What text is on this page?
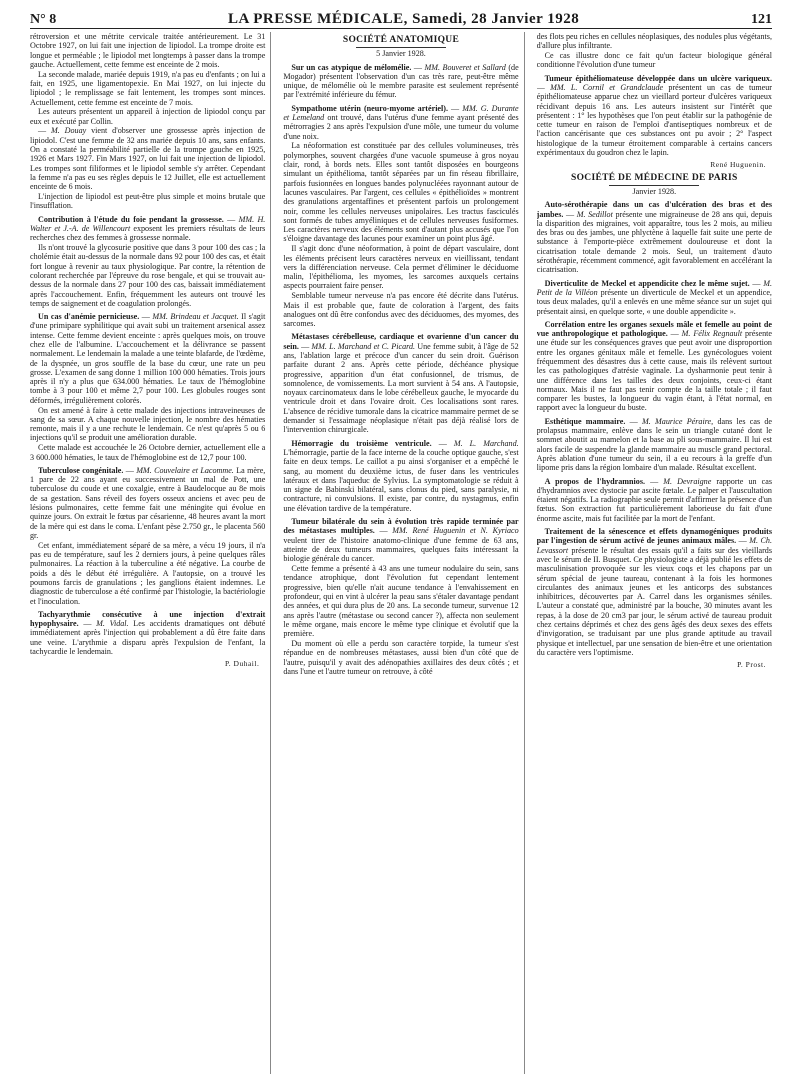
N° 8	LA PRESSE MÉDICALE, Samedi, 28 Janvier 1928	121

rétroversion et une métrite cervicale traitée antérieurement. Le 31 Octobre 1927, on lui fait une injection de lipiodol. La trompe droite est longue et perméable ; le lipiodol met longtemps à passer dans la trompe gauche. Actuellement, cette femme est enceinte de 2 mois.

La seconde malade, mariée depuis 1919, n'a pas eu d'enfants ; on lui a fait, en 1925, une ligamentopexie. En Mai 1927, on lui injecte du lipiodol ; le remplissage se fait lentement, les trompes sont minces. Actuellement, cette femme est enceinte de 7 mois.

Les auteurs présentent un appareil à injection de lipiodol conçu par eux et exécuté par Collin.

— M. Douay vient d'observer une grossesse après injection de lipiodol. C'est une femme de 32 ans mariée depuis 10 ans, sans enfants. On a constaté la perméabilité partielle de la trompe gauche en 1925, 1926 et Mars 1927. Fin Mars 1927, on lui fait une injection de lipiodol. Les trompes sont filiformes et le lipiodol semble s'y arrêter. Cependant la femme n'a pas eu ses règles depuis le 12 Juillet, elle est actuellement enceinte de 6 mois.

L'injection de lipiodol est peut-être plus simple et moins brutale que l'insufflation.

Contribution à l'étude du foie pendant la grossesse. — MM. H. Walter et J.-A. de Willencourt exposent les premiers résultats de leurs recherches chez des femmes à grossesse normale.

Ils n'ont trouvé la glycosurie positive que dans 3 pour 100 des cas ; la cholémie était au-dessus de la normale dans 92 pour 100 des cas, et était fort longue à revenir au taux physiologique. Par contre, la rétention de colorant recherchée par l'épreuve du rose bengale, et qui se trouvait au-dessus de la normale dans 27 pour 100 des cas, baissait immédiatement après l'accouchement. Enfin, fréquemment les auteurs ont trouvé les temps de saignement et de coagulation prolongés.

Un cas d'anémie pernicieuse. — MM. Brindeau et Jacquet. Il s'agit d'une primipare syphilitique qui avait subi un traitement arsenical assez intense. Cette femme devient enceinte : après quelques mois, on trouve chez elle de l'albumine. L'accouchement et la délivrance se passent normalement. Le lendemain la malade a une teinte blafarde, de l'œdème, de la dyspnée, un gros souffle de la base du cœur, une rate un peu grosse. L'examen de sang donne 1 million 100 000 hématies. Trois jours après il n'y a plus que 634.000 hématies. Le taux de l'hémoglobine tombe à 3 pour 100 et même 2,7 pour 100. Les globules rouges sont déformés, irrégulièrement colorés.

On est amené à faire à cette malade des injections intraveineuses de sang de sa sœur. A chaque nouvelle injection, le nombre des hématies remonte, mais il y a une rechute le lendemain. Ce n'est qu'après 5 ou 6 injections qu'il se produit une amélioration durable.

Cette malade est accouchée le 26 Octobre dernier, actuellement elle a 3 600.000 hématies, le taux de l'hémoglobine est de 12,7 pour 100.

Tuberculose congénitale. — MM. Couvelaire et Lacomme. La mère, 1 pare de 22 ans ayant eu successivement un mal de Pott, une tuberculose du coude et une coxalgie, entre à Baudelocque au 8e mois de sa gestation. Sans réveil des foyers osseux anciens et avec peu de lésions pulmonaires, cette femme fait une méningite qui évolue en quinze jours. On extrait le fœtus par césarienne, 48 heures avant la mort de la mère qui est dans le coma. L'enfant pèse 2.750 gr., le placenta 560 gr.

Cet enfant, immédiatement séparé de sa mère, a vécu 19 jours, il n'a pas eu de température, sauf les 2 derniers jours, à peine quelques râles pulmonaires. La réaction à la tuberculine a été négative. La courbe de poids a dès le début été irrégulière. A l'autopsie, on a trouvé les poumons farcis de granulations ; les ganglions étaient indemnes. Le diagnostic de tuberculose a été confirmé par l'histologie, la bactériologie et l'inoculation.

Tachyarythmie consécutive à une injection d'extrait hypophysaire. — M. Vidal. Les accidents dramatiques ont débuté immédiatement après l'injection qui probablement a dû être faite dans une veine. L'arythmie a disparu après l'expulsion de l'enfant, la tachycardie le lendemain.

P. Duhail.
SOCIÉTÉ ANATOMIQUE
5 Janvier 1928.

Sur un cas atypique de mélomélie. — MM. Bouveret et Sallard (de Mogador) présentent l'observation d'un cas très rare, peut-être même unique, de mélomélie où le membre parasite est seulement représenté par l'extrémité inférieure du fémur.

Sympathome utérin (neuro-myome artériel). — MM. G. Durante et Lemeland ont trouvé, dans l'utérus d'une femme ayant présenté des métrorragies 2 ans après l'expulsion d'une môle, une tumeur du volume d'une noix.

La néoformation est constituée par des cellules volumineuses, très polymorphes, souvent chargées d'une vacuole spumeuse à gros noyau clair, rond, à bords nets. Elles sont tantôt disposées en bourgeons simulant un épithélioma, tantôt séparées par un fin réseau fibrillaire, parfois fusionnées en longues bandes polynucléées rayonnant autour de lacunes vasculaires. Par l'argent, ces cellules « épithélioïdes » montrent des granulations argentaffines et présentent parfois un prolongement noir, comme les cellules nerveuses unipolaires. Les tractus fasciculés sont formés de tubes amyéliniques et de cellules nerveuses fusiformes. Les caractères nerveux des éléments sont d'autant plus accusés que l'on s'éloigne davantage des lacunes pour examiner un point plus âgé.

Il s'agit donc d'une néoformation, à point de départ vasculaire, dont les éléments précisent leurs caractères nerveux en vieillissant, tendant vers la différenciation nerveuse. Cela permet d'éliminer le déciduome malin, l'épithélioma, les myomes, les sarcomes auxquels certains aspects pourraient faire penser.

Semblable tumeur nerveuse n'a pas encore été décrite dans l'utérus. Mais il est probable que, faute de coloration à l'argent, des faits analogues ont dû être confondus avec des déciduomes, des myomes, des sarcomes.

Métastases cérébelleuse, cardiaque et ovarienne d'un cancer du sein. — MM. L. Marchand et C. Picard. Une femme subit, à l'âge de 52 ans, l'ablation large et précoce d'un cancer du sein droit. Guérison parfaite durant 2 ans. Après cette période, déchéance physique progressive, apparition d'un état confusionnel, de trismus, de somnolence, de vomissements. La mort survient à 54 ans. A l'autopsie, noyaux carcinomateux dans le lobe cérébelleux gauche, le myocarde du ventricule droit et dans l'ovaire droit. Ces localisations sont rares. L'absence de récidive tumorale dans la cicatrice mammaire permet de se demander si l'essaimage néoplasique n'était pas déjà réalisé lors de l'intervention chirurgicale.

Hémorragie du troisième ventricule. — M. L. Marchand. L'hémorragie, partie de la face interne de la couche optique gauche, s'est faite en deux temps. Le caillot a pu ainsi s'organiser et a empêché le sang, au moment du deuxième ictus, de fuser dans les ventricules latéraux et dans l'aqueduc de Sylvius. La symptomatologie se réduit à un signe de Babinski bilatéral, sans clonus du pied, sans paralysie, ni contracture, ni convulsions. Il existe, par contre, du nystagmus, enfin une élévation tardive de la température.

Tumeur bilatérale du sein à évolution très rapide terminée par des métastases multiples. — MM. René Huguenin et N. Kyriaco veulent tirer de l'histoire anatomo-clinique d'une femme de 63 ans, atteinte de deux tumeurs mammaires, quelques faits intéressant la biologie générale du cancer.

Cette femme a présenté à 43 ans une tumeur nodulaire du sein, sans tendance atrophique, dont l'évolution fut cependant lentement progressive, bien qu'elle n'ait aucune tendance à l'envahissement en profondeur, qui en vint à ulcérer la peau sans s'étaler davantage pendant des années, et qui dura plus de 20 ans. La seconde tumeur, survenue 12 ans après l'autre (métastase ou second cancer ?), affecta non seulement le même organe, mais encore le même type clinique et évolutif que la première.

Du moment où elle a perdu son caractère torpide, la tumeur s'est répandue en de nombreuses métastases, aussi bien d'un côté que de l'autre, puisqu'il y avait des adénopathies axillaires des deux côtés ; et dans l'une et l'autre tumeur on retrouve, à côté

des flots peu riches en cellules néoplasiques, des nodules plus végétants, d'allure plus infiltrante.

Ce cas illustre donc ce fait qu'un facteur biologique général conditionne l'évolution d'une tumeur

Tumeur épithéliomateuse développée dans un ulcère variqueux. — MM. L. Cornil et Grandclaude présentent un cas de tumeur épithéliomateuse apparue chez un vieillard porteur d'ulcères variqueux récidivant depuis 16 ans. Les auteurs insistent sur l'intérêt que présentent : 1° les hypothèses que l'on peut établir sur la pathogénie de cette tumeur en raison de l'emploi d'antiseptiques nombreux et de l'action cancérisante que ces substances ont pu avoir ; 2° l'aspect histologique de la tumeur étroitement comparable à certains cancers expérimentaux du goudron chez le lapin.

René Huguenin.
SOCIÉTÉ DE MÉDECINE DE PARIS
Janvier 1928.

Auto-sérothérapie dans un cas d'ulcération des bras et des jambes. — M. Sedillot présente une migraineuse de 28 ans qui, depuis la disparition des migraines, voit apparaître, tous les 2 mois, au milieu des bras ou des jambes, une phlyctène à laquelle fait suite une perte de substance à l'emporte-pièce extrêmement douloureuse et dont la cicatrisation totale demande 2 mois. Seul, un traitement d'auto sérothérapie, récemment commencé, agit favorablement en accélérant la cicatrisation.

Diverticulite de Meckel et appendicite chez le même sujet. — M. Petit de la Villéon présente un diverticule de Meckel et un appendice, tous deux malades, qu'il a enlevés en une même séance sur un sujet qui présentait ainsi, en quelque sorte, « une double appendicite ».

Corrélation entre les organes sexuels mâle et femelle au point de vue anthropologique et pathologique. — M. Félix Regnault présente une étude sur les conséquences graves que peut avoir une disproportion entre les organes génitaux mâle et femelle. Les gynécologues voient fréquemment des désastres dus à cette cause, mais ils relèvent surtout les cas pathologiques d'atrésie vaginale. La dysharmonie peut tenir à une différence dans les tailles des deux conjoints, ceux-ci étant normaux. Mais il ne faut pas tenir compte de la taille totale ; il faut comparer les bustes, la longueur du vagin étant, à l'état normal, en rapport avec la longueur du buste.

Esthétique mammaire. — M. Maurice Péraire, dans les cas de prolapsus mammaire, enlève dans le sein un triangle cutané dont le sommet aboutit au mamelon et la base au pli sous-mammaire. Il lui est alors facile de suspendre la glande mammaire au muscle grand pectoral. Après ablation d'une tumeur du sein, il a eu recours à la greffe d'un lipome pris dans la région lombaire d'un malade. Résultat excellent.

A propos de l'hydramnios. — M. Devraigne rapporte un cas d'hydramnios avec dystocie par ascite fœtale. Le palper et l'auscultation étaient négatifs. La radiographie seule permit d'affirmer la présence d'un fœtus. Son extraction fut particulièrement laborieuse du fait d'une énorme ascite, mais fut facilitée par la mort de l'enfant.

Traitement de la sénescence et effets dynamogéniques produits par l'ingestion de sérum activé de jeunes animaux mâles. — M. Ch. Levassort présente le résultat des essais qu'il a faits sur des vieillards avec le sérum de II. Busquet. Ce physiologiste a déjà publié les effets de masculinisation provoquée sur les vieux coqs et les chapons par un sérum spécial de jeune taureau, contenant à la fois les hormones circulantes des animaux jeunes et les anticorps des substances inhibitrices, découvertes par A. Carrel dans les organismes séniles. L'auteur a constaté que, administré par la bouche, 30 minutes avant les repas, à la dose de 20 cm3 par jour, le sérum activé de taureau produit chez certains déprimés et chez des gens âgés des deux sexes des effets d'invigoration, se traduisant par une plus grande aptitude au travail physique et intellectuel, par une sensation de bien-être et une orientation du caractère vers l'optimisme.

P. Prost.
